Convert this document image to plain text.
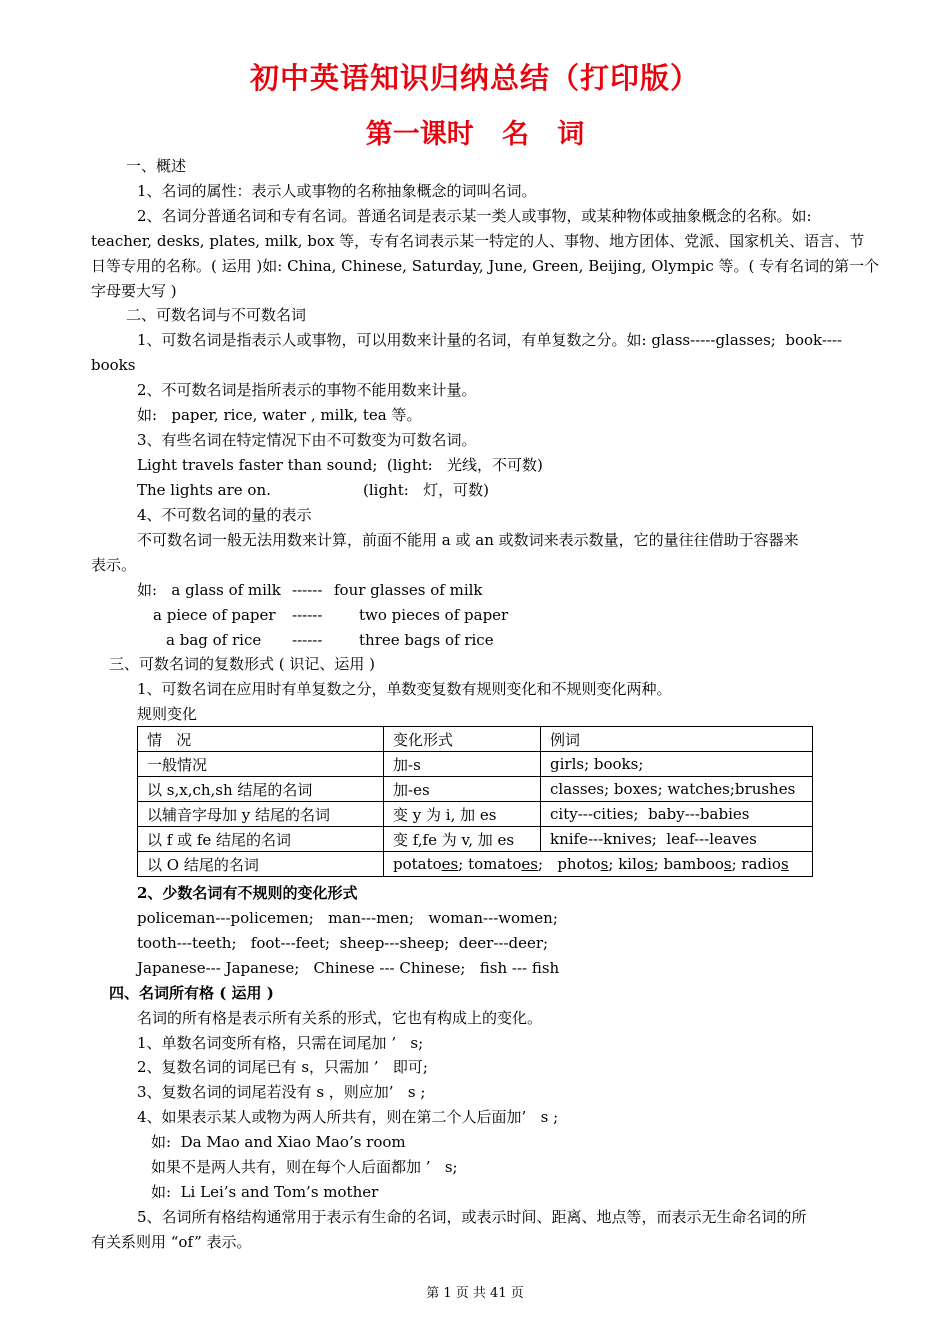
初中英语知识归纳总结（打印版）
第一课时   名   词
一、概述
1、名词的属性：表示人或事物的名称抽象概念的词叫名词。
2、名词分普通名词和专有名词。普通名词是表示某一类人或事物，或某种物体或抽象概念的名称。如:
teacher, desks, plates, milk, box 等，专有名词表示某一特定的人、事物、地方团体、党派、国家机关、语言、节
日等专用的名称。( 运用 )如: China, Chinese, Saturday, June, Green, Beijing, Olympic 等。( 专有名词的第一个
字母要大写 )
二、可数名词与不可数名词
1、可数名词是指表示人或事物，可以用数来计量的名词，有单复数之分。如: glass-----glasses;  book----
books
2、不可数名词是指所表示的事物不能用数来计量。
如:   paper, rice, water , milk, tea 等。
3、有些名词在特定情况下由不可数变为可数名词。
Light travels faster than sound;  (light:   光线，不可数)
The lights are on.	(light:   灯，可数)
4、不可数名词的量的表示
不可数名词一般无法用数来计算，前面不能用 a 或 an 或数词来表示数量，它的量往往借助于容器来
表示。
如:   a glass of milk ------ four glasses of milk
a piece of paper ------ two pieces of paper
a bag of rice ------ three bags of rice
三、可数名词的复数形式 ( 识记、运用 )
1、可数名词在应用时有单复数之分，单数变复数有规则变化和不规则变化两种。
规则变化
情   况	变化形式	例词
一般情况	加-s	girls; books;
以 s,x,ch,sh 结尾的名词	加-es	classes; boxes; watches;brushes
以辅音字母加 y 结尾的名词	变 y 为 i, 加 es	city---cities;  baby---babies
以 f 或 fe 结尾的名词	变 f,fe 为 v, 加 es	knife---knives;  leaf---leaves
以 O 结尾的名词	potatoes; tomatoes;   photos; kilos; bamboos; radios	
2、少数名词有不规则的变化形式
policeman---policemen;   man---men;   woman---women;
tooth---teeth;   foot---feet;  sheep---sheep;  deer---deer;
Japanese--- Japanese;   Chinese --- Chinese;   fish --- fish
四、名词所有格 ( 运用 )
名词的所有格是表示所有关系的形式，它也有构成上的变化。
1、单数名词变所有格，只需在词尾加 ’   s;
2、复数名词的词尾已有 s，只需加 ’   即可;
3、复数名词的词尾若没有 s ，则应加’   s ;
4、如果表示某人或物为两人所共有，则在第二个人后面加’   s ;
如:  Da Mao and Xiao Mao’s room
如果不是两人共有，则在每个人后面都加 ’   s;
如:  Li Lei’s and Tom’s mother
5、名词所有格结构通常用于表示有生命的名词，或表示时间、距离、地点等，而表示无生命名词的所
有关系则用 “of” 表示。
第 1 页 共 41 页
